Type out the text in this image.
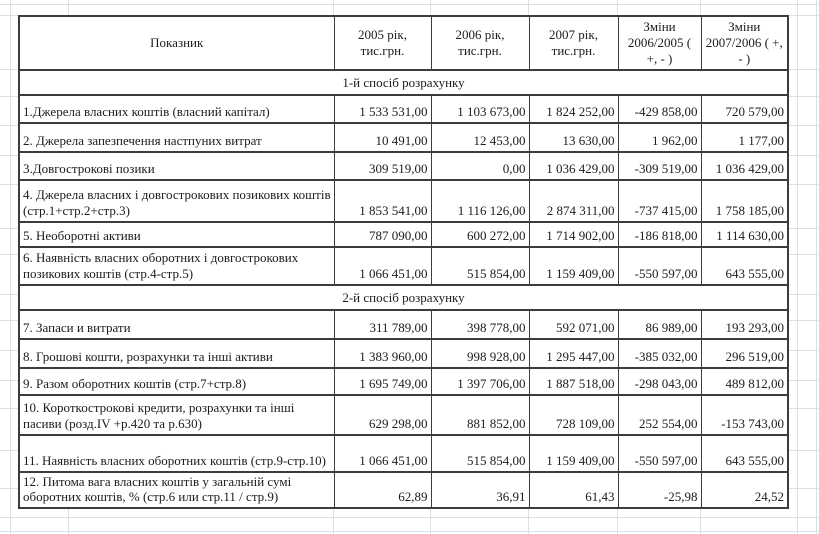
Показник	2005 рік, тис.грн.	2006 рік, тис.грн.	2007 рік, тис.грн.	Зміни 2006/2005 ( +, - )	Зміни 2007/2006 ( +, - )
1-й спосіб розрахунку					
1.Джерела власних коштів (власний капітал)	1 533 531,00	1 103 673,00	1 824 252,00	-429 858,00	720 579,00
2. Джерела запезпечення настпуних витрат	10 491,00	12 453,00	13 630,00	1 962,00	1 177,00
3.Довгострокові позики	309 519,00	0,00	1 036 429,00	-309 519,00	1 036 429,00
4. Джерела власних і довгострокових позикових коштів (стр.1+стр.2+стр.3)	1 853 541,00	1 116 126,00	2 874 311,00	-737 415,00	1 758 185,00
5. Необоротні активи	787 090,00	600 272,00	1 714 902,00	-186 818,00	1 114 630,00
6. Наявність власних оборотних і довгострокових позикових коштів (стр.4-стр.5)	1 066 451,00	515 854,00	1 159 409,00	-550 597,00	643 555,00
2-й спосіб розрахунку					
7. Запаси и витрати	311 789,00	398 778,00	592 071,00	86 989,00	193 293,00
8. Грошові кошти, розрахунки та інші активи	1 383 960,00	998 928,00	1 295 447,00	-385 032,00	296 519,00
9. Разом оборотних коштів (стр.7+стр.8)	1 695 749,00	1 397 706,00	1 887 518,00	-298 043,00	489 812,00
10. Короткострокові кредити, розрахунки та інші пасиви (розд.IV +р.420 та р.630)	629 298,00	881 852,00	728 109,00	252 554,00	-153 743,00
11. Наявність власних оборотних коштів (стр.9-стр.10)	1 066 451,00	515 854,00	1 159 409,00	-550 597,00	643 555,00
12. Питома вага власних коштів у загальній сумі оборотних коштів, % (стр.6 или стр.11 / стр.9)	62,89	36,91	61,43	-25,98	24,52
